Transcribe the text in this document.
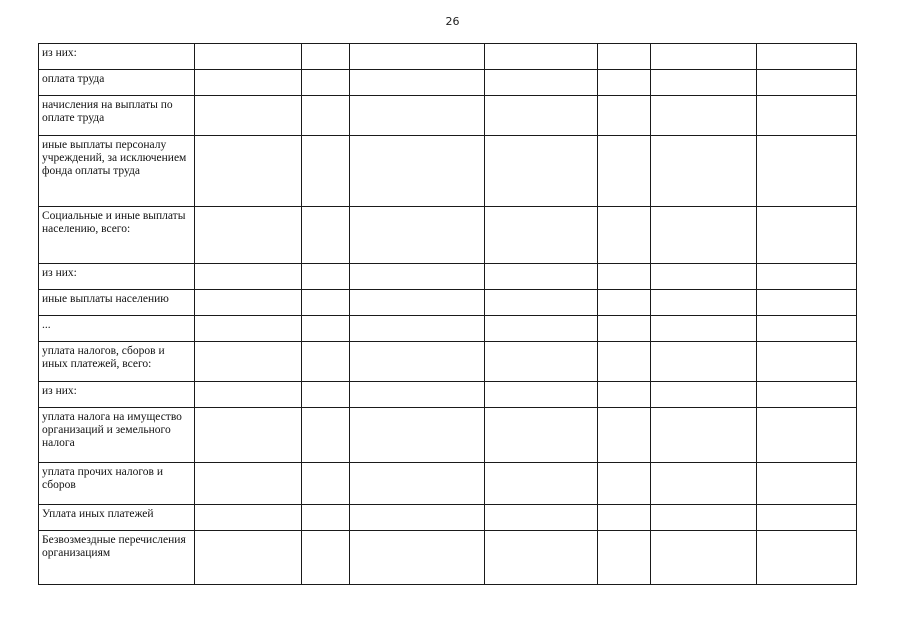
26
из них:							
оплата труда							
начисления на выплаты по оплате труда							
иные выплаты персоналу учреждений, за исключением фонда оплаты труда							
Социальные и иные выплаты населению, всего:							
из них:							
иные выплаты населению							
...							
уплата налогов, сборов и иных платежей, всего:							
из них:							
уплата налога на имущество организаций и земельного налога							
уплата прочих налогов и сборов							
Уплата иных платежей							
Безвозмездные перечисления организациям							
